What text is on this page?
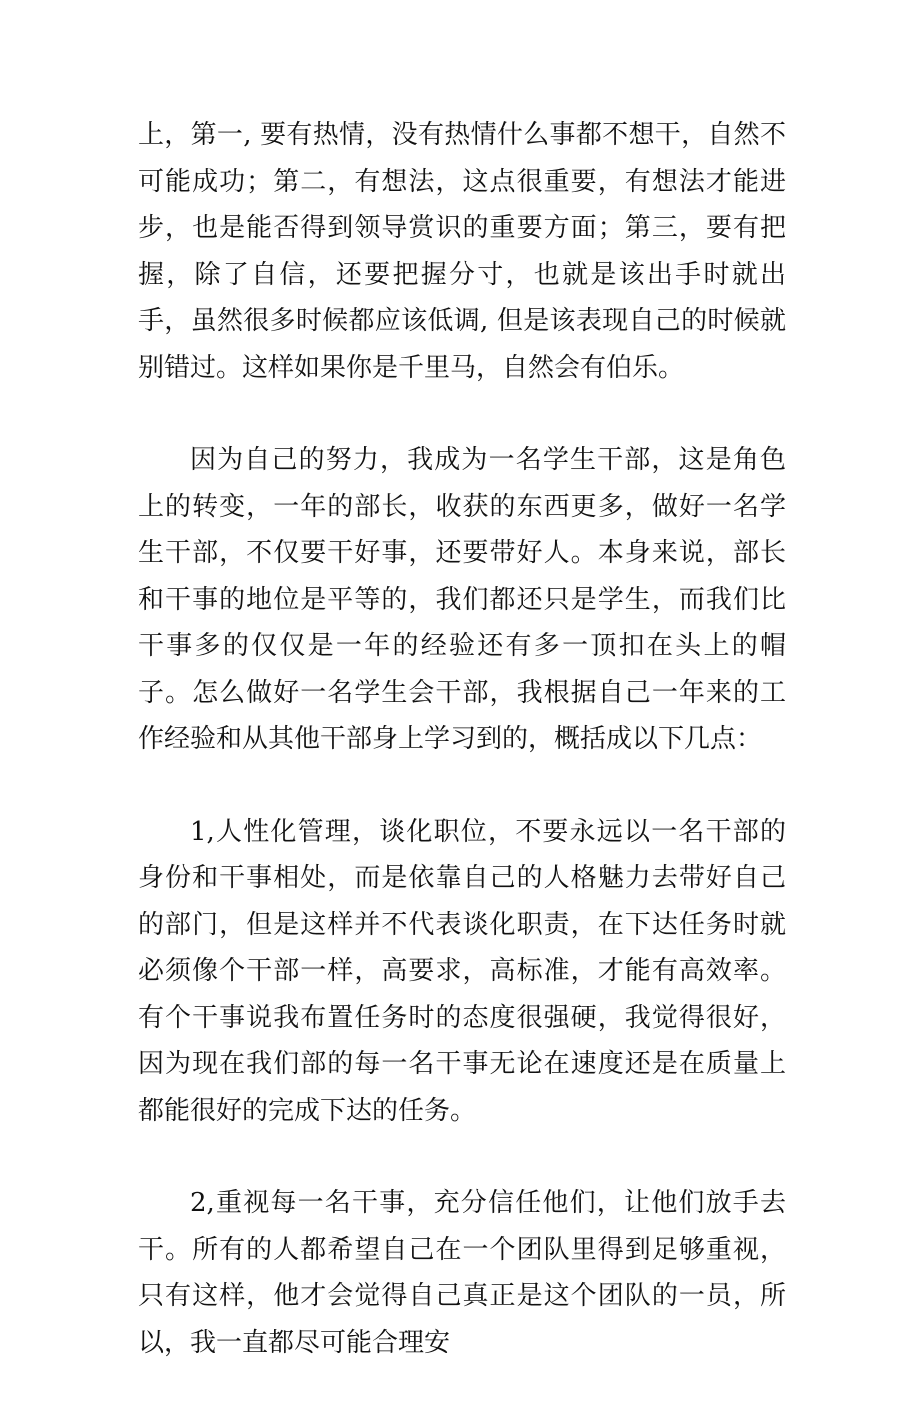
上，第一, 要有热情，没有热情什么事都不想干，自然不可能成功；第二，有想法，这点很重要，有想法才能进步，也是能否得到领导赏识的重要方面；第三，要有把握，除了自信，还要把握分寸，也就是该出手时就出手，虽然很多时候都应该低调, 但是该表现自己的时候就别错过。这样如果你是千里马，自然会有伯乐。

因为自己的努力，我成为一名学生干部，这是角色上的转变，一年的部长，收获的东西更多，做好一名学生干部，不仅要干好事，还要带好人。本身来说，部长和干事的地位是平等的，我们都还只是学生，而我们比干事多的仅仅是一年的经验还有多一顶扣在头上的帽子。怎么做好一名学生会干部，我根据自己一年来的工作经验和从其他干部身上学习到的，概括成以下几点：

1,人性化管理，谈化职位，不要永远以一名干部的身份和干事相处，而是依靠自己的人格魅力去带好自己的部门，但是这样并不代表谈化职责，在下达任务时就必须像个干部一样，高要求，高标准，才能有高效率。有个干事说我布置任务时的态度很强硬，我觉得很好，因为现在我们部的每一名干事无论在速度还是在质量上都能很好的完成下达的任务。

2,重视每一名干事，充分信任他们，让他们放手去干。所有的人都希望自己在一个团队里得到足够重视，只有这样，他才会觉得自己真正是这个团队的一员，所以，我一直都尽可能合理安
